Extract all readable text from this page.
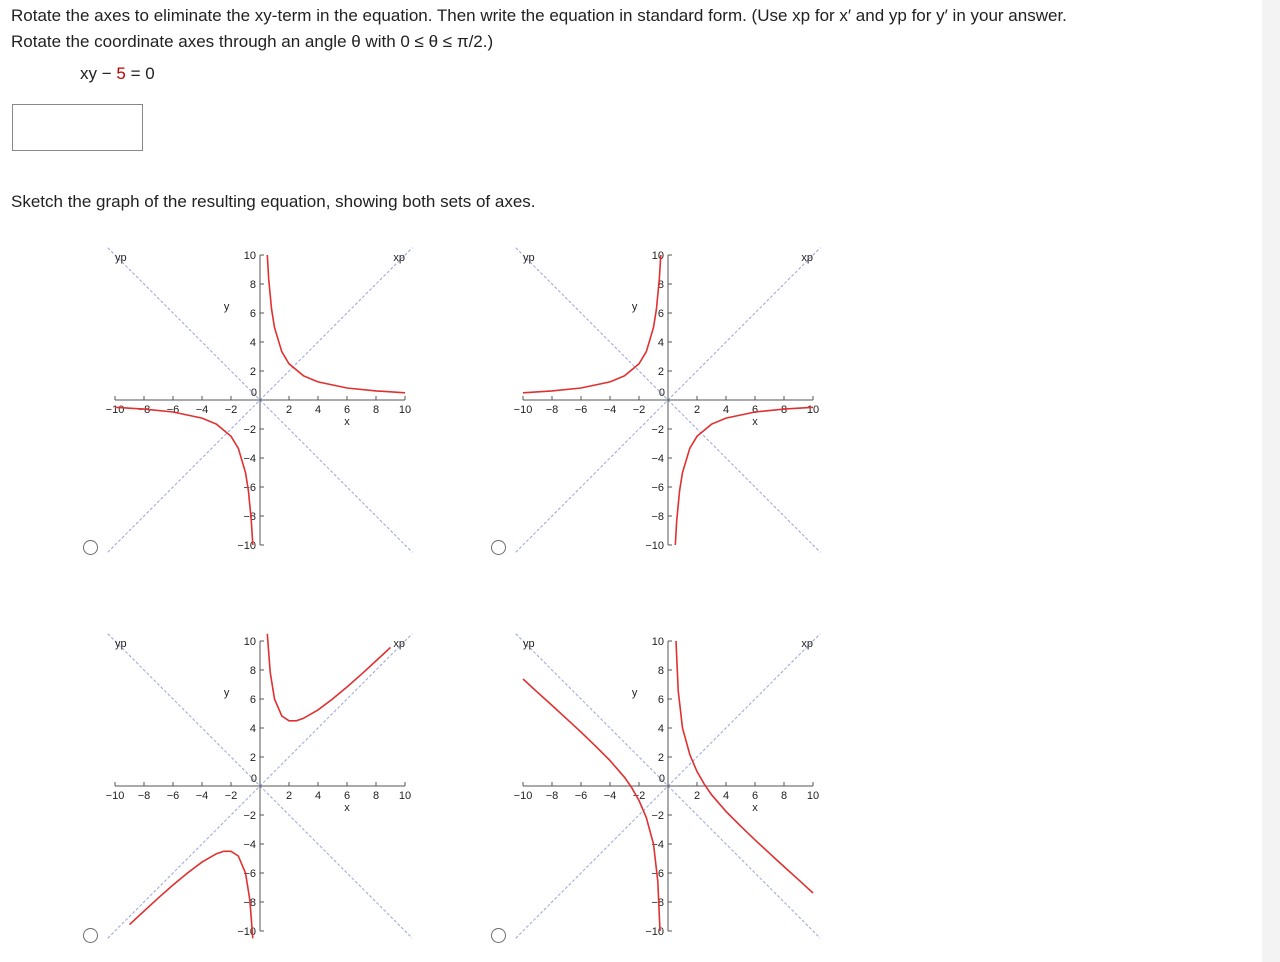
Rotate the axes to eliminate the xy-term in the equation. Then write the equation in standard form. (Use xp for x′ and yp for y′ in your answer.
Rotate the coordinate axes through an angle θ with 0 ≤ θ ≤ π/2.)
xy − 5 = 0
Sketch the graph of the resulting equation, showing both sets of axes.
−10 −8 −6 −4 −2	2 4 6 8 10
10
8
6
4
2
−2
−4
−6
−8
−10
0
x
y
xp
yp
−10 −8 −6 −4 −2	2 4 6 8 10
10
8
6
4
2
−2
−4
−6
−8
−10
0
x
y
xp
yp
−10 −8 −6 −4 −2	2 4 6 8 10
10
8
6
4
2
−2
−4
−6
−8
−10
0
x
y
xp
yp
−10 −8 −6 −4 −2	2 4 6 8 10
10
8
6
4
2
−2
−4
−6
−8
−10
0
x
y
xp
yp
